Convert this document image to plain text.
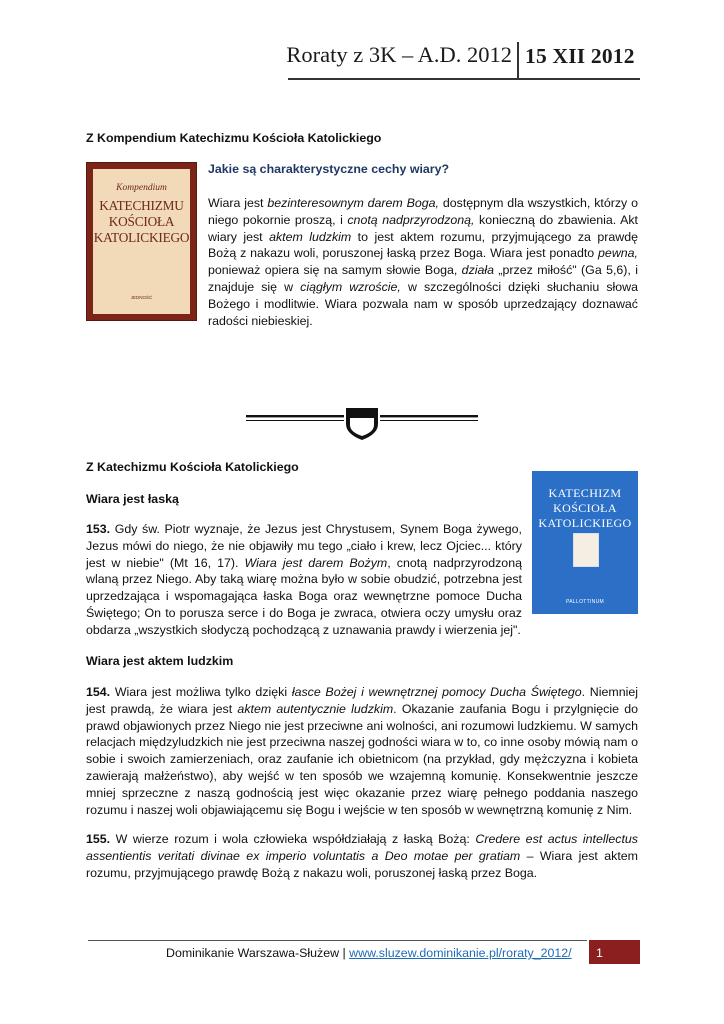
Roraty z 3K – A.D. 2012 15 XII 2012
Z Kompendium Katechizmu Kościoła Katolickiego
Kompendium
KATECHIZMU
KOŚCIOŁA
KATOLICKIEGO
JEDNOŚĆ
Jakie są charakterystyczne cechy wiary?

Wiara jest bezinteresownym darem Boga, dostępnym dla wszystkich, którzy o niego pokornie proszą, i cnotą nadprzyrodzoną, konieczną do zbawienia. Akt wiary jest aktem ludzkim to jest aktem rozumu, przyjmującego za prawdę Bożą z nakazu woli, poruszonej łaską przez Boga. Wiara jest ponadto pewna, ponieważ opiera się na samym słowie Boga, działa „przez miłość" (Ga 5,6), i znajduje się w ciągłym wzroście, w szczególności dzięki słuchaniu słowa Bożego i modlitwie. Wiara pozwala nam w sposób uprzedzający doznawać radości niebieskiej.

Z Katechizmu Kościoła Katolickiego
KATECHIZM
KOŚCIOŁA
KATOLICKIEGO
PALLOTTINUM
Wiara jest łaską

153. Gdy św. Piotr wyznaje, że Jezus jest Chrystusem, Synem Boga żywego, Jezus mówi do niego, że nie objawiły mu tego „ciało i krew, lecz Ojciec... który jest w niebie" (Mt 16, 17). Wiara jest darem Bożym, cnotą nadprzyrodzoną wlaną przez Niego. Aby taką wiarę można było w sobie obudzić, potrzebna jest uprzedzająca i wspomagająca łaska Boga oraz wewnętrzne pomoce Ducha Świętego; On to porusza serce i do Boga je zwraca, otwiera oczy umysłu oraz obdarza „wszystkich słodyczą pochodzącą z uznawania prawdy i wierzenia jej".

Wiara jest aktem ludzkim

154. Wiara jest możliwa tylko dzięki łasce Bożej i wewnętrznej pomocy Ducha Świętego. Niemniej jest prawdą, że wiara jest aktem autentycznie ludzkim. Okazanie zaufania Bogu i przylgnięcie do prawd objawionych przez Niego nie jest przeciwne ani wolności, ani rozumowi ludzkiemu. W samych relacjach międzyludzkich nie jest przeciwna naszej godności wiara w to, co inne osoby mówią nam o sobie i swoich zamierzeniach, oraz zaufanie ich obietnicom (na przykład, gdy mężczyzna i kobieta zawierają małżeństwo), aby wejść w ten sposób we wzajemną komunię. Konsekwentnie jeszcze mniej sprzeczne z naszą godnością jest więc okazanie przez wiarę pełnego poddania naszego rozumu i naszej woli objawiającemu się Bogu i wejście w ten sposób w wewnętrzną komunię z Nim.

155. W wierze rozum i wola człowieka współdziałają z łaską Bożą: Credere est actus intellectus assentientis veritati divinae ex imperio voluntatis a Deo motae per gratiam – Wiara jest aktem rozumu, przyjmującego prawdę Bożą z nakazu woli, poruszonej łaską przez Boga.

Dominikanie Warszawa-Służew | www.sluzew.dominikanie.pl/roraty_2012/ 1
